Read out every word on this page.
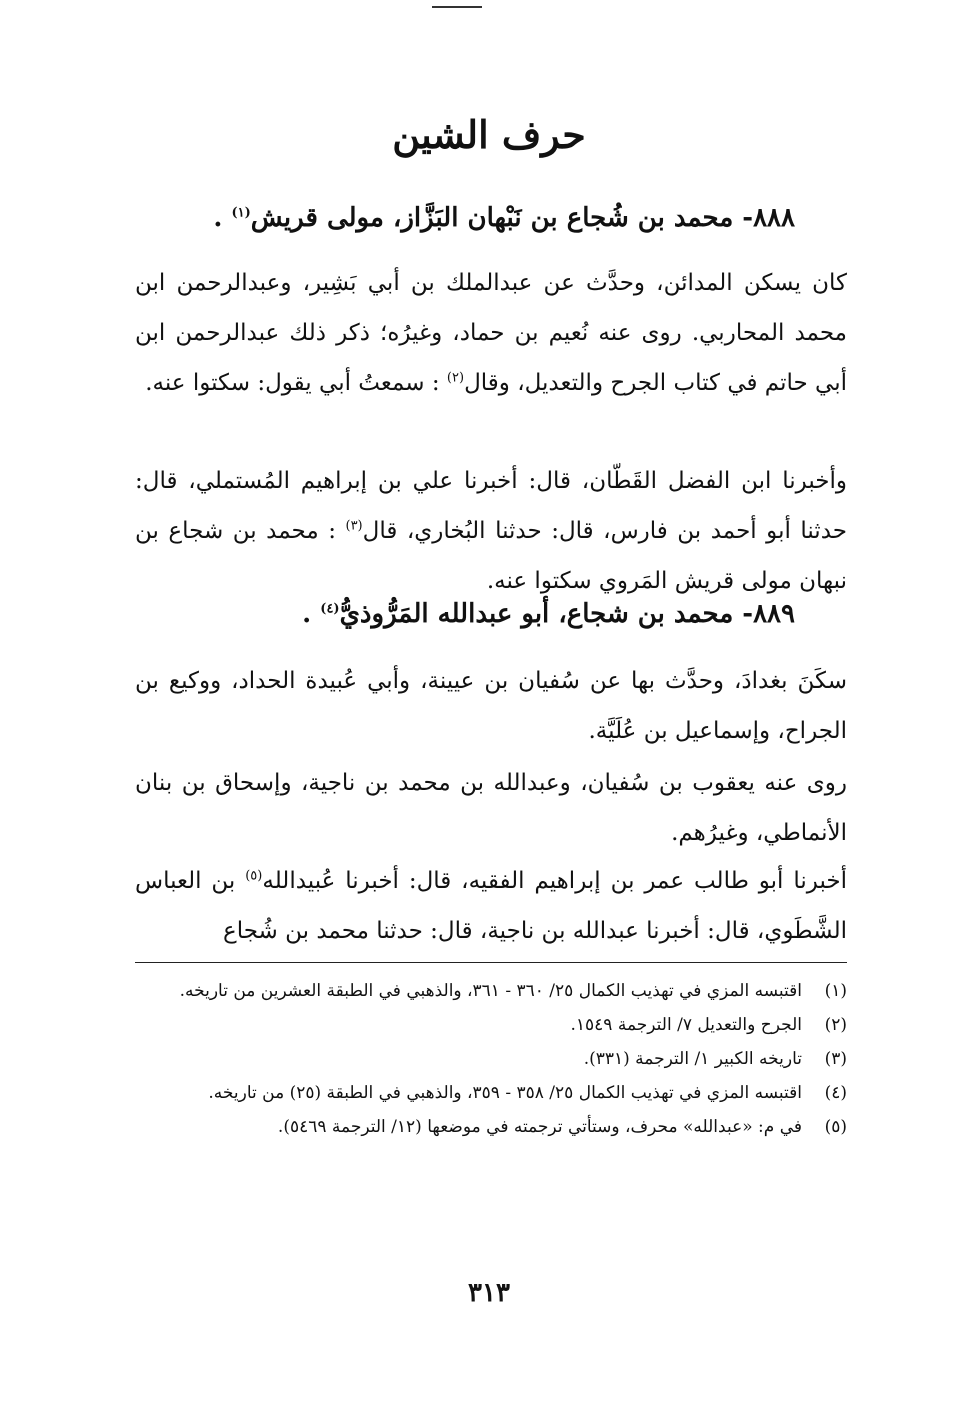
حرف الشين
٨٨٨- محمد بن شُجاع بن نَبْهان البَزَّاز، مولى قريش$^{(١)}$ .

كان يسكن المدائن، وحدَّث عن عبدالملك بن أبي بَشِير، وعبدالرحمن ابن محمد المحاربي. روى عنه نُعيم بن حماد، وغيرُه؛ ذكر ذلك عبدالرحمن ابن أبي حاتم في كتاب الجرح والتعديل، وقال$^{(٢)}$ : سمعتُ أبي يقول: سكتوا عنه.

وأخبرنا ابن الفضل القَطّان، قال: أخبرنا علي بن إبراهيم المُستملي، قال: حدثنا أبو أحمد بن فارس، قال: حدثنا البُخاري، قال$^{(٣)}$ : محمد بن شجاع بن نبهان مولى قريش المَروي سكتوا عنه.

٨٨٩- محمد بن شجاع، أبو عبدالله المَرُّوذيُّ$^{(٤)}$ .

سكَنَ بغدادَ، وحدَّث بها عن سُفيان بن عيينة، وأبي عُبيدة الحداد، ووكيع بن الجراح، وإسماعيل بن عُلَيَّة.

روى عنه يعقوب بن سُفيان، وعبدالله بن محمد بن ناجية، وإسحاق بن بنان الأنماطي، وغيرُهم.

أخبرنا أبو طالب عمر بن إبراهيم الفقيه، قال: أخبرنا عُبيدالله$^{(٥)}$ بن العباس الشَّطَوي، قال: أخبرنا عبدالله بن ناجية، قال: حدثنا محمد بن شُجاع

(١)
اقتبسه المزي في تهذيب الكمال ٢٥/ ٣٦٠ - ٣٦١، والذهبي في الطبقة العشرين من تاريخه.
(٢)
الجرح والتعديل ٧/ الترجمة ١٥٤٩.
(٣)
تاريخه الكبير ١/ الترجمة (٣٣١).
(٤)
اقتبسه المزي في تهذيب الكمال ٢٥/ ٣٥٨ - ٣٥٩، والذهبي في الطبقة (٢٥) من تاريخه.
(٥)
في م: «عبدالله» محرف، وستأتي ترجمته في موضعها (١٢/ الترجمة ٥٤٦٩).
٣١٣
